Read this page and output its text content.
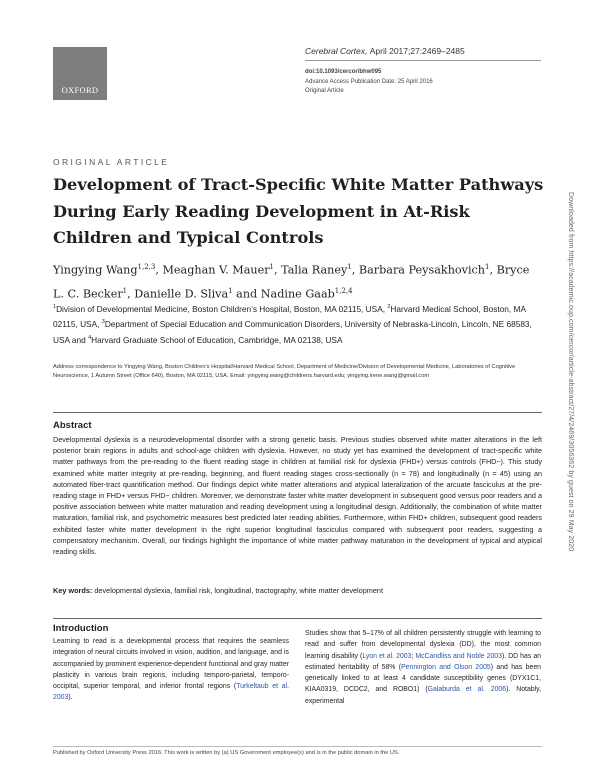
OXFORD
Cerebral Cortex, April 2017;27:2469–2485
doi:10.1093/cercor/bhw095
Advance Access Publication Date: 25 April 2016
Original Article
ORIGINAL ARTICLE
Development of Tract-Specific White Matter Pathways During Early Reading Development in At-Risk Children and Typical Controls

Yingying Wang$^{1,2,3}$, Meaghan V. Mauer$^1$, Talia Raney$^1$, Barbara Peysakhovich$^1$, Bryce L. C. Becker$^1$, Danielle D. Sliva$^1$ and Nadine Gaab$^{1,2,4}$

$^1$Division of Developmental Medicine, Boston Children’s Hospital, Boston, MA 02115, USA, $^2$Harvard Medical School, Boston, MA 02115, USA, $^3$Department of Special Education and Communication Disorders, University of Nebraska-Lincoln, Lincoln, NE 68583, USA and $^4$Harvard Graduate School of Education, Cambridge, MA 02138, USA

Address correspondence to Yingying Wang, Boston Children’s Hospital/Harvard Medical School, Department of Medicine/Division of Developmental Medicine, Laboratories of Cognitive Neuroscience, 1 Autumn Street (Office 640), Boston, MA 02115, USA. Email: yingying.wang@childrens.harvard.edu; yingying.irene.wang@gmail.com	Downloaded from https://academic.oup.com/cercor/article-abstract/27/4/2469/3056362 by guest on 29 May 2020
Abstract

Developmental dyslexia is a neurodevelopmental disorder with a strong genetic basis. Previous studies observed white matter alterations in the left posterior brain regions in adults and school-age children with dyslexia. However, no study yet has examined the development of tract-specific white matter pathways from the pre-reading to the fluent reading stage in children at familial risk for dyslexia (FHD+) versus controls (FHD−). This study examined white matter integrity at pre-reading, beginning, and fluent reading stages cross-sectionally (n = 78) and longitudinally (n = 45) using an automated fiber-tract quantification method. Our findings depict white matter alterations and atypical lateralization of the arcuate fasciculus at the pre-reading stage in FHD+ versus FHD− children. Moreover, we demonstrate faster white matter development in subsequent good versus poor readers and a positive association between white matter maturation and reading development using a longitudinal design. Additionally, the combination of white matter maturation, familial risk, and psychometric measures best predicted later reading abilities. Furthermore, within FHD+ children, subsequent good readers exhibited faster white matter development in the right superior longitudinal fasciculus compared with subsequent poor readers, suggesting a compensatory mechanism. Overall, our findings highlight the importance of white matter pathway maturation in the development of typical and atypical reading skills.

Key words: developmental dyslexia, familial risk, longitudinal, tractography, white matter development

Introduction

Learning to read is a developmental process that requires the seamless integration of neural circuits involved in vision, audition, and language, and is accompanied by prominent experience-dependent functional and gray matter plasticity in various brain regions, including temporo-parietal, temporo-occipital, superior temporal, and inferior frontal regions (Turkeltaub et al. 2003).

Studies show that 5–17% of all children persistently struggle with learning to read and suffer from developmental dyslexia (DD), the most common learning disability (Lyon et al. 2003; McCandliss and Noble 2003). DD has an estimated heritability of 58% (Pennington and Olson 2005) and has been genetically linked to at least 4 candidate susceptibility genes (DYX1C1, KIAA0319, DCDC2, and ROBO1) (Galaburda et al. 2006). Notably, experimental

Published by Oxford University Press 2016. This work is written by (a) US Government employee(s) and is in the public domain in the US.
